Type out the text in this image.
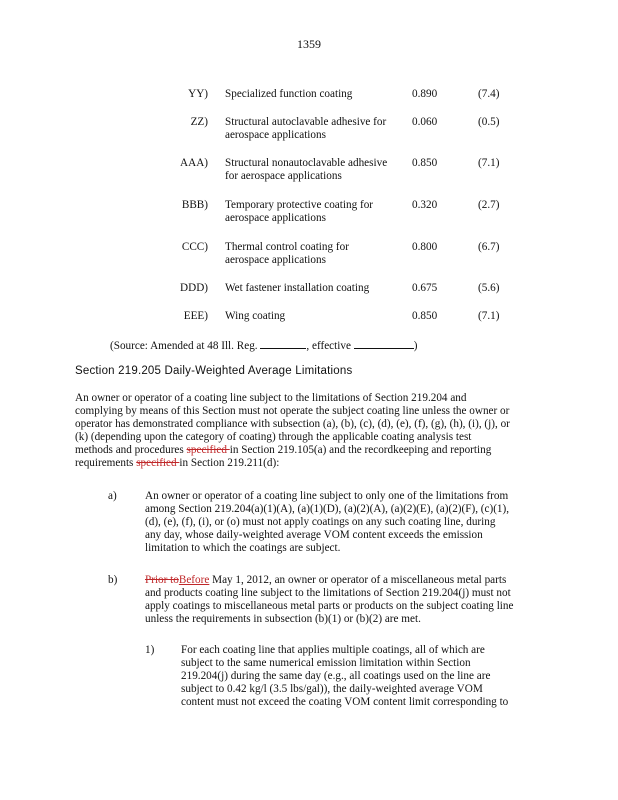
1359
YY) Specialized function coating	0.890	(7.4)
ZZ) Structural autoclavable adhesive for
aerospace applications
0.060	(0.5)
AAA) Structural nonautoclavable adhesive
for aerospace applications
0.850	(7.1)
BBB) Temporary protective coating for
aerospace applications
0.320	(2.7)
CCC) Thermal control coating for
aerospace applications
0.800	(6.7)
DDD) Wet fastener installation coating	0.675	(5.6)
EEE) Wing coating	0.850	(7.1)
(Source: Amended at 48 Ill. Reg.	, effective	)
Section 219.205 Daily-Weighted Average Limitations
An owner or operator of a coating line subject to the limitations of Section 219.204 and
complying by means of this Section must not operate the subject coating line unless the owner or
operator has demonstrated compliance with subsection (a), (b), (c), (d), (e), (f), (g), (h), (i), (j), or
(k) (depending upon the category of coating) through the applicable coating analysis test
methods and procedures specified in Section 219.105(a) and the recordkeeping and reporting
requirements specified in Section 219.211(d):
a)	An owner or operator of a coating line subject to only one of the limitations from
among Section 219.204(a)(1)(A), (a)(1)(D), (a)(2)(A), (a)(2)(E), (a)(2)(F), (c)(1),
(d), (e), (f), (i), or (o) must not apply coatings on any such coating line, during
any day, whose daily-weighted average VOM content exceeds the emission
limitation to which the coatings are subject.
b) Prior toBefore May 1, 2012, an owner or operator of a miscellaneous metal parts
and products coating line subject to the limitations of Section 219.204(j) must not
apply coatings to miscellaneous metal parts or products on the subject coating line
unless the requirements in subsection (b)(1) or (b)(2) are met.
1) For each coating line that applies multiple coatings, all of which are
subject to the same numerical emission limitation within Section
219.204(j) during the same day (e.g., all coatings used on the line are
subject to 0.42 kg/l (3.5 lbs/gal)), the daily-weighted average VOM
content must not exceed the coating VOM content limit corresponding to
